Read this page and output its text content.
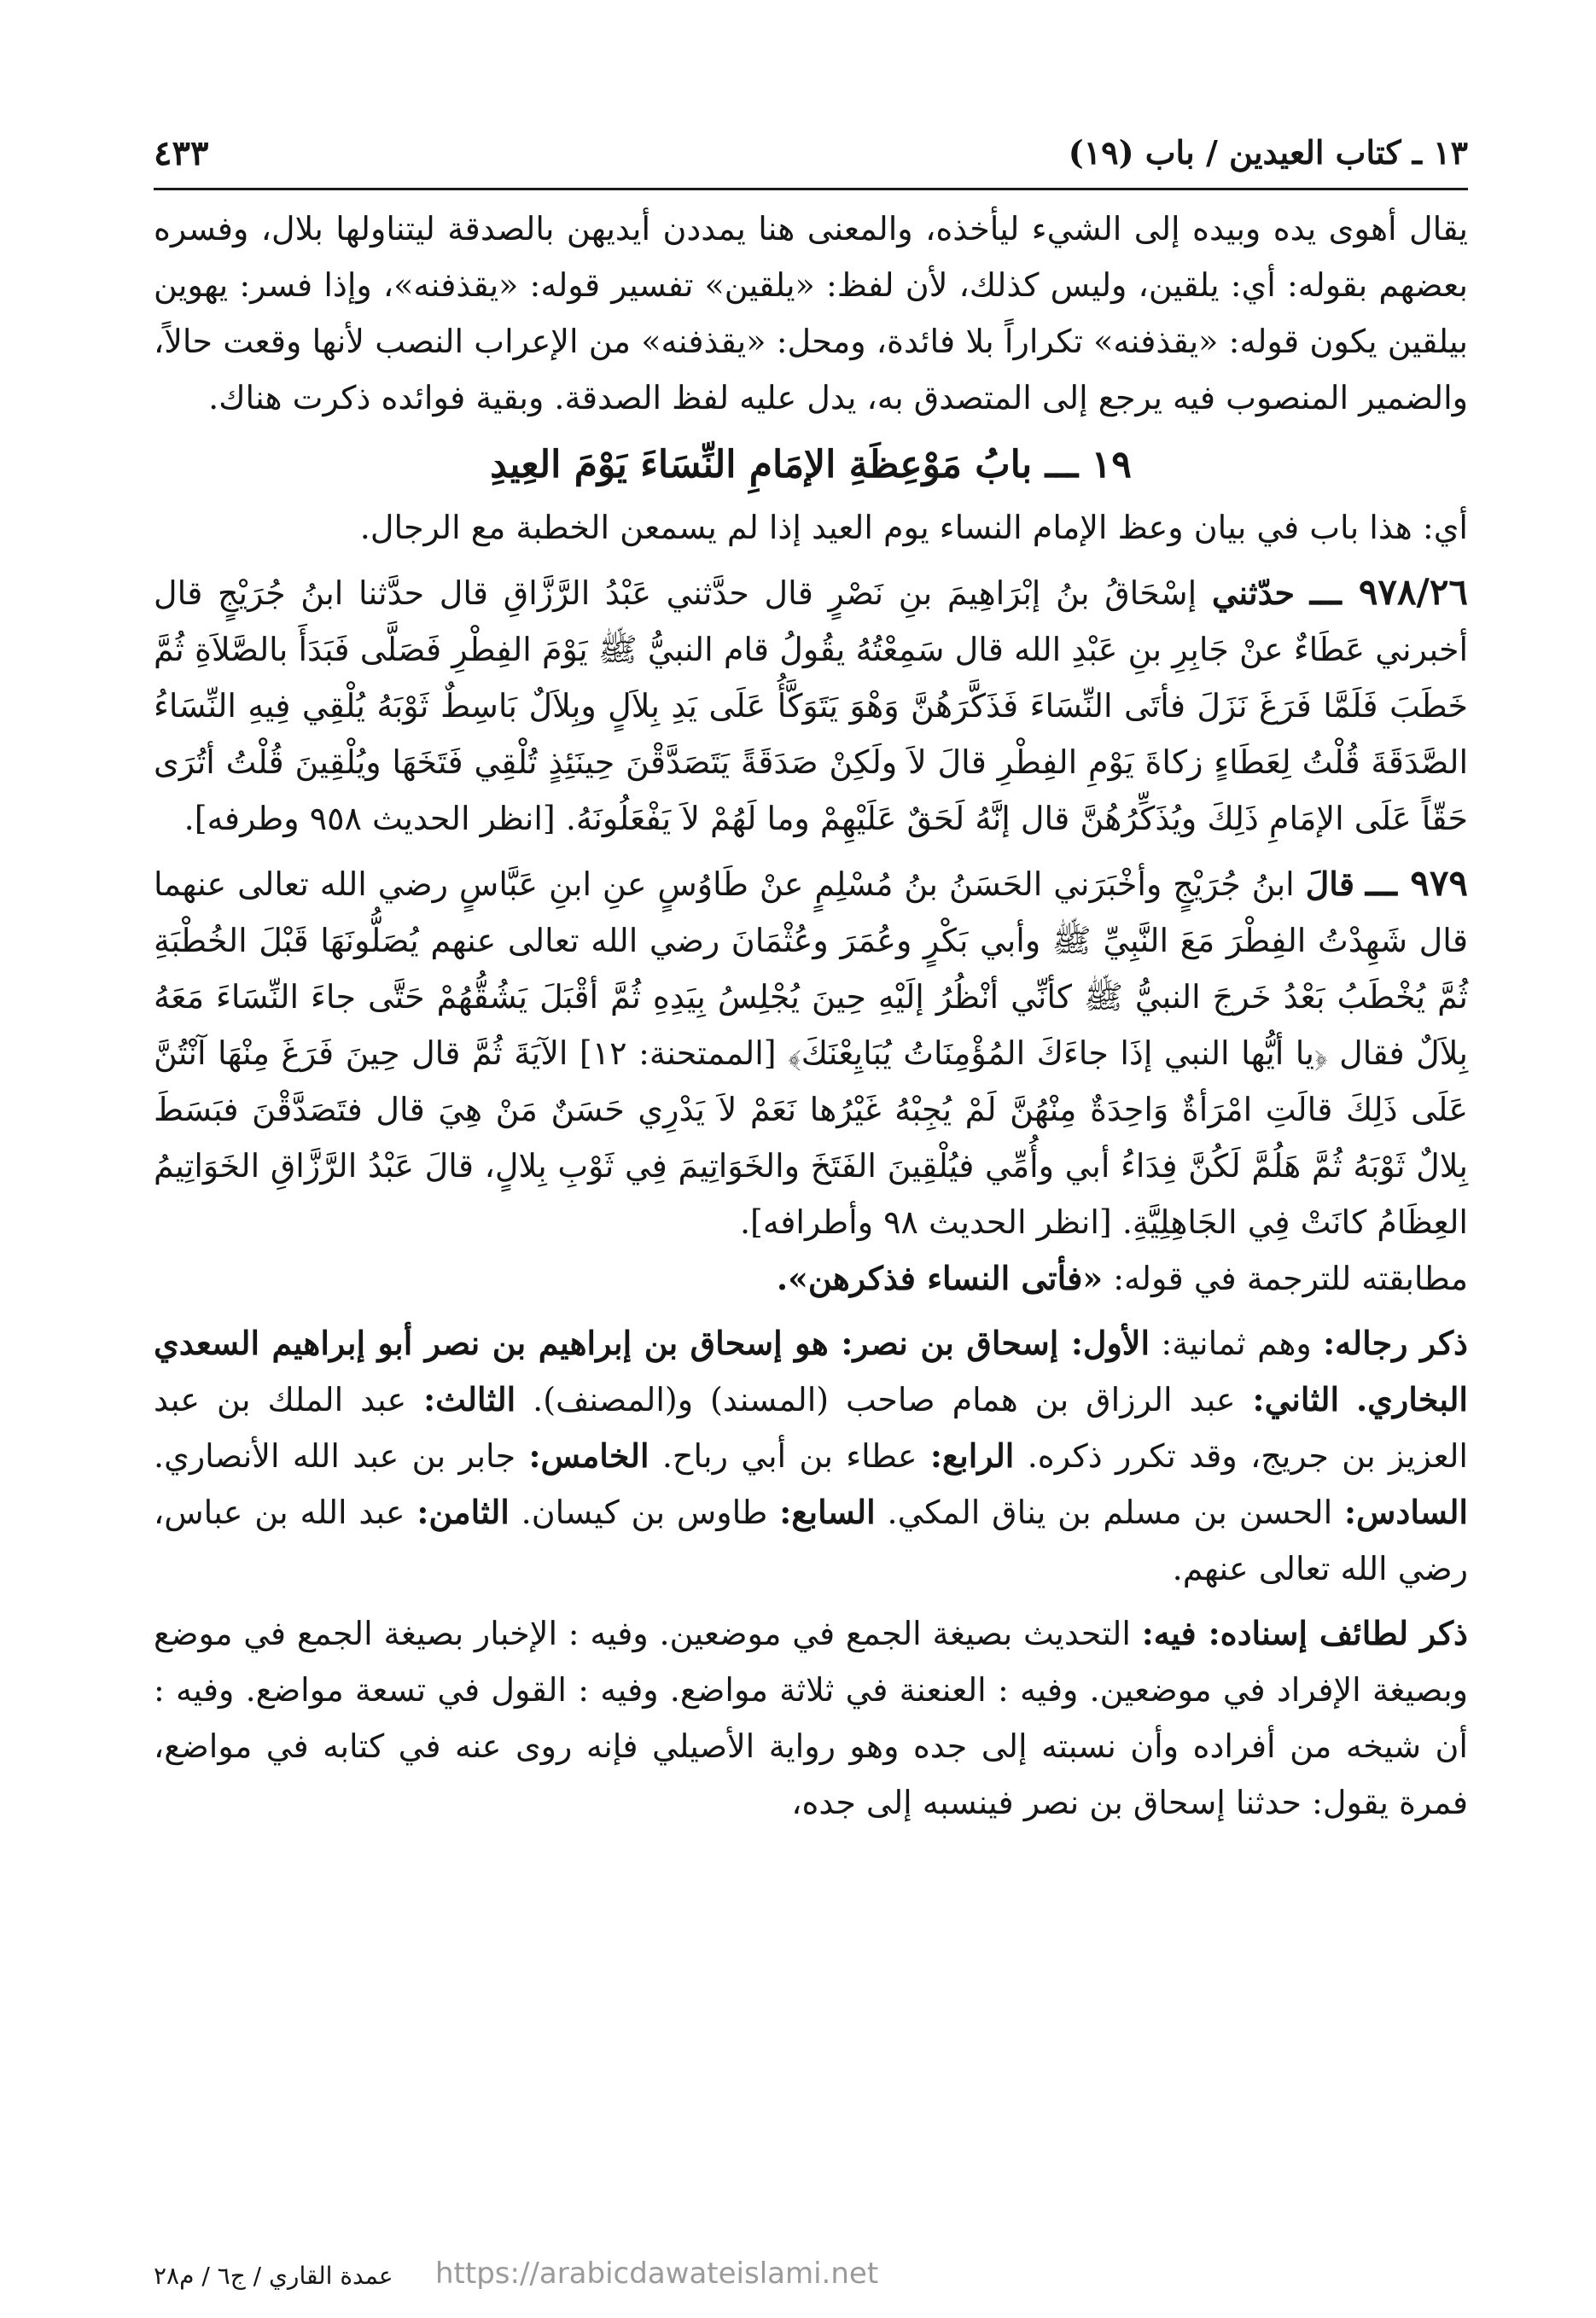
١٣ ـ كتاب العيدين / باب (١٩)
٤٣٣

يقال أهوى يده وبيده إلى الشيء ليأخذه، والمعنى هنا يمددن أيديهن بالصدقة ليتناولها بلال، وفسره بعضهم بقوله: أي: يلقين، وليس كذلك، لأن لفظ: «يلقين» تفسير قوله: «يقذفنه»، وإذا فسر: يهوين بيلقين يكون قوله: «يقذفنه» تكراراً بلا فائدة، ومحل: «يقذفنه» من الإعراب النصب لأنها وقعت حالاً، والضمير المنصوب فيه يرجع إلى المتصدق به، يدل عليه لفظ الصدقة. وبقية فوائده ذكرت هناك.

١٩ ـــ بابُ مَوْعِظَةِ الإمَامِ النِّسَاءَ يَوْمَ العِيدِ

أي: هذا باب في بيان وعظ الإمام النساء يوم العيد إذا لم يسمعن الخطبة مع الرجال.

٩٧٨/٢٦ ـــ حدّثني إسْحَاقُ بنُ إبْرَاهِيمَ بنِ نَصْرٍ قال حدَّثني عَبْدُ الرَّزَّاقِ قال حدَّثنا ابنُ جُرَيْجٍ قال أخبرني عَطَاءٌ عنْ جَابِرِ بنِ عَبْدِ الله قال سَمِعْتُهُ يقُولُ قام النبيُّ ﷺ يَوْمَ الفِطْرِ فَصَلَّى فَبَدَأَ بالصَّلاَةِ ثُمَّ خَطَبَ فَلَمَّا فَرَغَ نَزَلَ فأتَى النِّسَاءَ فَذَكَّرَهُنَّ وَهْوَ يَتَوَكَّأُ عَلَى يَدِ بِلاَلٍ وبِلاَلٌ بَاسِطٌ ثَوْبَهُ يُلْقِي فِيهِ النِّسَاءُ الصَّدَقَةَ قُلْتُ لِعَطَاءٍ زكاةَ يَوْمِ الفِطْرِ قالَ لاَ ولَكِنْ صَدَقَةً يَتَصَدَّقْنَ حِينَئِذٍ تُلْقِي فَتَخَهَا ويُلْقِينَ قُلْتُ أتُرَى حَقّاً عَلَى الإمَامِ ذَلِكَ ويُذَكِّرُهُنَّ قال إنَّهُ لَحَقٌ عَلَيْهِمْ وما لَهُمْ لاَ يَفْعَلُونَهُ. [انظر الحديث ٩٥٨ وطرفه].

٩٧٩ ـــ قالَ ابنُ جُرَيْجٍ وأخْبَرَني الحَسَنُ بنُ مُسْلِمٍ عنْ طَاوُسٍ عنِ ابنِ عَبَّاسٍ رضي الله تعالى عنهما قال شَهِدْتُ الفِطْرَ مَعَ النَّبِيِّ ﷺ وأبي بَكْرٍ وعُمَرَ وعُثْمَانَ رضي الله تعالى عنهم يُصَلُّونَهَا قَبْلَ الخُطْبَةِ ثُمَّ يُخْطَبُ بَعْدُ خَرجَ النبيُّ ﷺ كأنِّي أنْظُرُ إلَيْهِ حِينَ يُجْلِسُ بِيَدِهِ ثُمَّ أقْبَلَ يَشُقُّهُمْ حَتَّى جاءَ النِّسَاءَ مَعَهُ بِلاَلٌ فقال ﴿يا أيُّها النبي إذَا جاءَكَ المُؤْمِنَاتُ يُبَايِعْنَكَ﴾ [الممتحنة: ١٢] الآيَةَ ثُمَّ قال حِينَ فَرَغَ مِنْهَا آنْتُنَّ عَلَى ذَلِكَ قالَتِ امْرَأةٌ وَاحِدَةٌ مِنْهُنَّ لَمْ يُجِبْهُ غَيْرُها نَعَمْ لاَ يَدْرِي حَسَنٌ مَنْ هِيَ قال فتَصَدَّقْنَ فبَسَطَ بِلالٌ ثَوْبَهُ ثُمَّ هَلُمَّ لَكُنَّ فِدَاءُ أبي وأُمِّي فيُلْقِينَ الفَتَخَ والخَوَاتِيمَ فِي ثَوْبِ بِلالٍ، قالَ عَبْدُ الرَّزَّاقِ الخَوَاتِيمُ العِظَامُ كانَتْ فِي الجَاهِلِيَّةِ. [انظر الحديث ٩٨ وأطرافه].

مطابقته للترجمة في قوله: «فأتى النساء فذكرهن».

ذكر رجاله: وهم ثمانية: الأول: إسحاق بن نصر: هو إسحاق بن إبراهيم بن نصر أبو إبراهيم السعدي البخاري. الثاني: عبد الرزاق بن همام صاحب (المسند) و(المصنف). الثالث: عبد الملك بن عبد العزيز بن جريج، وقد تكرر ذكره. الرابع: عطاء بن أبي رباح. الخامس: جابر بن عبد الله الأنصاري. السادس: الحسن بن مسلم بن يناق المكي. السابع: طاوس بن كيسان. الثامن: عبد الله بن عباس، رضي الله تعالى عنهم.

ذكر لطائف إسناده: فيه: التحديث بصيغة الجمع في موضعين. وفيه : الإخبار بصيغة الجمع في موضع وبصيغة الإفراد في موضعين. وفيه : العنعنة في ثلاثة مواضع. وفيه : القول في تسعة مواضع. وفيه : أن شيخه من أفراده وأن نسبته إلى جده وهو رواية الأصيلي فإنه روى عنه في كتابه في مواضع، فمرة يقول: حدثنا إسحاق بن نصر فينسبه إلى جده،

عمدة القاري / ج٦ / م٢٨ https://arabicdawateislami.net
